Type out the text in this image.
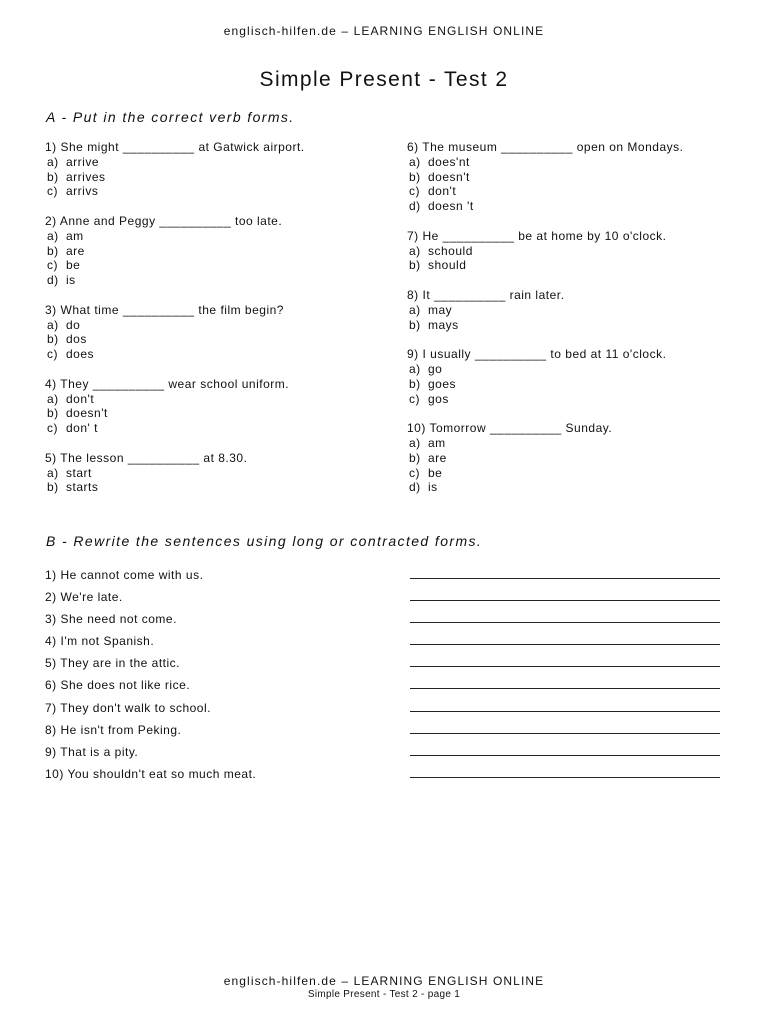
englisch-hilfen.de – LEARNING ENGLISH ONLINE
Simple Present - Test 2
A - Put in the correct verb forms.
1) She might __________ at Gatwick airport.
a) arrive
b) arrives
c) arrivs
2) Anne and Peggy __________ too late.
a) am
b) are
c) be
d) is
3) What time __________ the film begin?
a) do
b) dos
c) does
4) They __________ wear school uniform.
a) don't
b) doesn't
c) don' t
5) The lesson __________ at 8.30.
a) start
b) starts
6) The museum __________ open on Mondays.
a) does'nt
b) doesn't
c) don't
d) doesn 't
7) He __________ be at home by 10 o'clock.
a) schould
b) should
8) It __________ rain later.
a) may
b) mays
9) I usually __________ to bed at 11 o'clock.
a) go
b) goes
c) gos
10) Tomorrow __________ Sunday.
a) am
b) are
c) be
d) is
B - Rewrite the sentences using long or contracted forms.
1) He cannot come with us.
2) We're late.
3) She need not come.
4) I'm not Spanish.
5) They are in the attic.
6) She does not like rice.
7) They don't walk to school.
8) He isn't from Peking.
9) That is a pity.
10) You shouldn't eat so much meat.
englisch-hilfen.de – LEARNING ENGLISH ONLINE
Simple Present - Test 2 - page 1
